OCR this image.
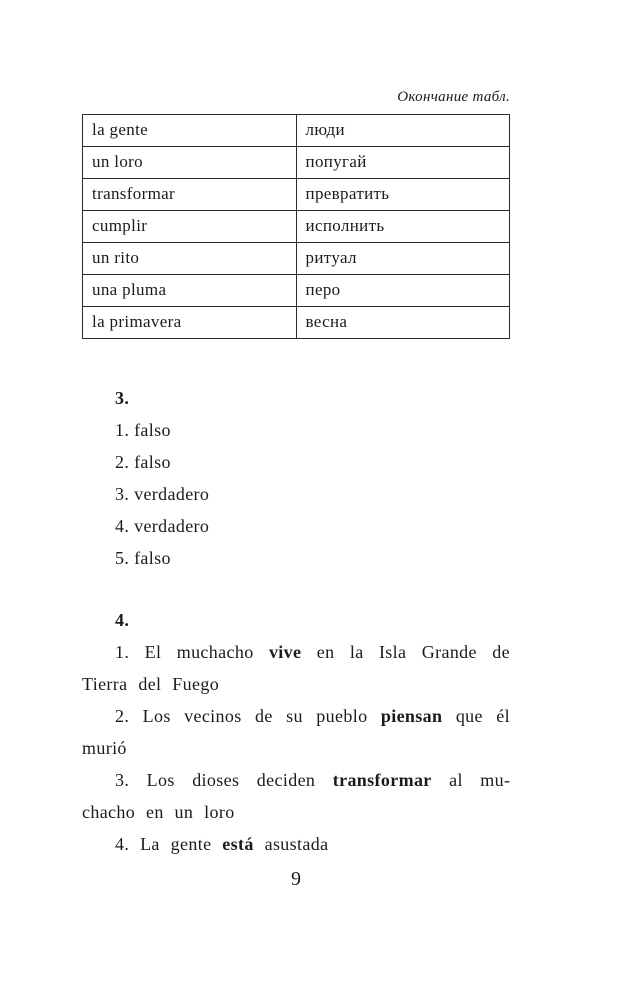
Окончание табл.
la gente	люди
un loro	попугай
transformar	превратить
cumplir	исполнить
un rito	ритуал
una pluma	перо
la primavera	весна
3.
1. falso
2. falso
3. verdadero
4. verdadero
5. falso
4.

1. El muchacho vive en la Isla Grande de Tierra del Fuego

2. Los vecinos de su pueblo piensan que él murió

3. Los dioses deciden transformar al muchacho en un loro

4. La gente está asustada

9
